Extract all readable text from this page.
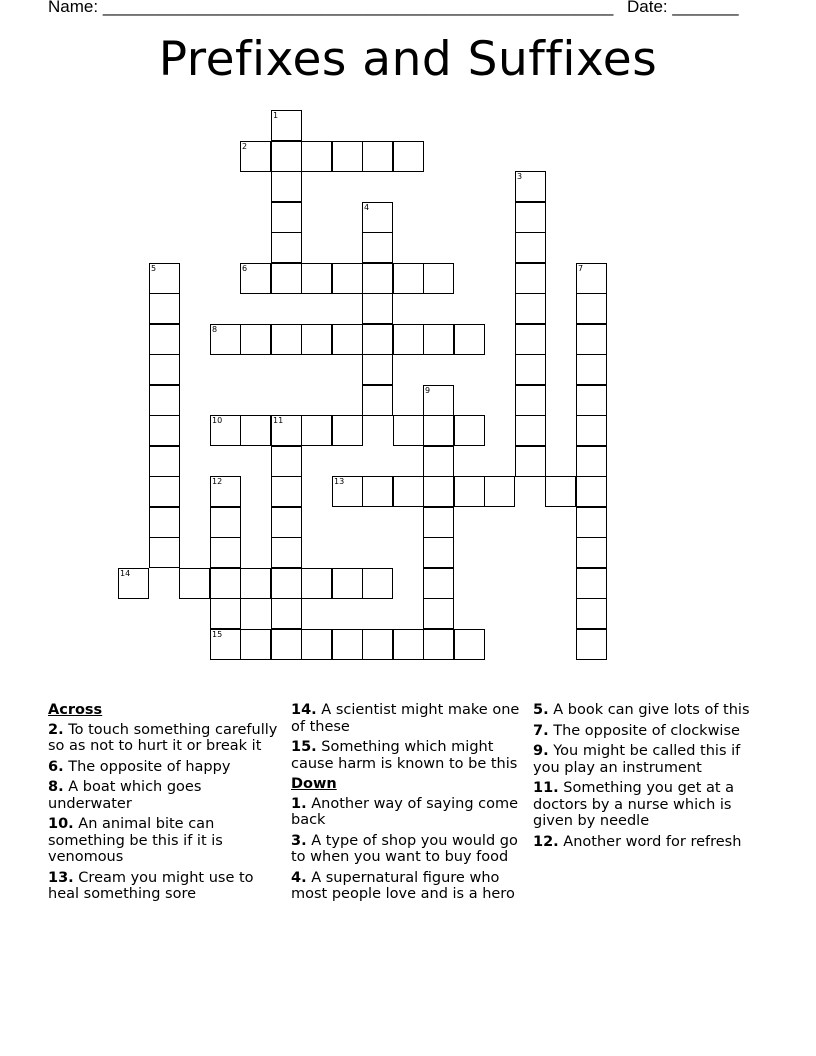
Name: ______________________________________________________ Date: _______
Prefixes and Suffixes
1
2
3
4
5	6	7
8
9
10	11
12	13
14
15
Across
2. To touch something carefully so as not to hurt it or break it
6. The opposite of happy
8. A boat which goes underwater
10. An animal bite can something be this if it is venomous
13. Cream you might use to heal something sore
14. A scientist might make one of these
15. Something which might cause harm is known to be this
Down
1. Another way of saying come back
3. A type of shop you would go to when you want to buy food
4. A supernatural figure who most people love and is a hero
5. A book can give lots of this
7. The opposite of clockwise
9. You might be called this if you play an instrument
11. Something you get at a doctors by a nurse which is given by needle
12. Another word for refresh
